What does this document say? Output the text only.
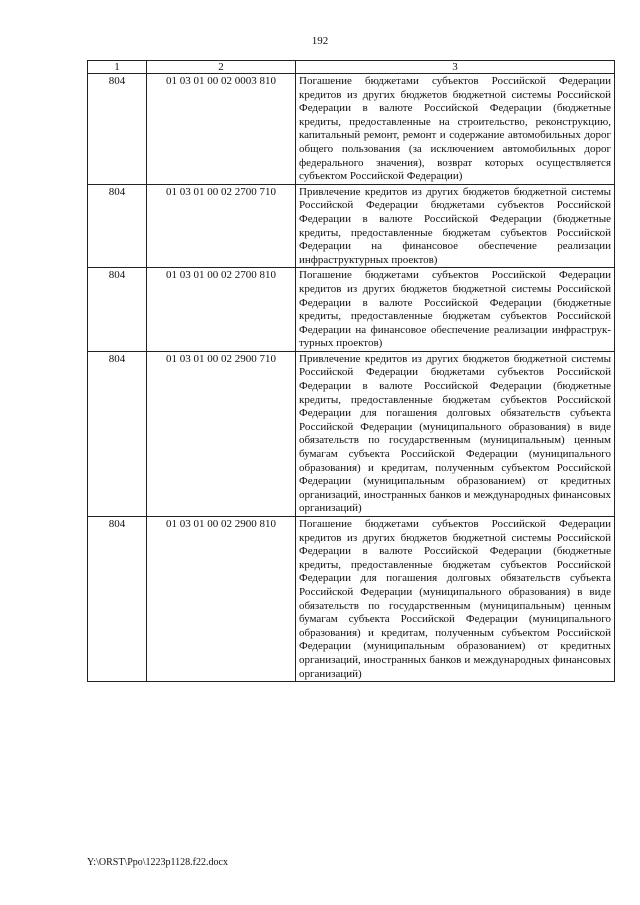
192
1	2	3
804	01 03 01 00 02 0003 810	Погашение бюджетами субъектов Российской Федерации кредитов из других бюджетов бюджетной системы Российской Федерации в валюте Российской Федерации (бюджетные кредиты, предоставленные на строительство, реконструкцию, капитальный ремонт, ремонт и содержание автомобильных дорог общего пользования (за исключением автомобильных дорог федерального значения), возврат которых осуществляется субъектом Российской Федерации)
804	01 03 01 00 02 2700 710	Привлечение кредитов из других бюджетов бюджетной системы Российской Федерации бюджетами субъектов Российской Федерации в валюте Российской Федерации (бюджетные кредиты, предоставленные бюджетам субъектов Российской Федерации на финансовое обеспечение реализации инфраструктурных проектов)
804	01 03 01 00 02 2700 810	Погашение бюджетами субъектов Российской Федерации кредитов из других бюджетов бюджетной системы Российской Федерации в валюте Российской Федерации (бюджетные кредиты, предоставленные бюджетам субъектов Российской Федерации на финансовое обеспечение реализации инфраструк-турных проектов)
804	01 03 01 00 02 2900 710	Привлечение кредитов из других бюджетов бюджетной системы Российской Федерации бюджетами субъектов Российской Федерации в валюте Российской Федерации (бюджетные кредиты, предоставленные бюджетам субъектов Российской Федерации для погашения долговых обязательств субъекта Российской Федерации (муниципального образования) в виде обязательств по государственным (муниципальным) ценным бумагам субъекта Российской Федерации (муниципального образования) и кредитам, полученным субъектом Российской Федерации (муниципальным образованием) от кредитных организаций, иностранных банков и международных финансовых организаций)
804	01 03 01 00 02 2900 810	Погашение бюджетами субъектов Российской Федерации кредитов из других бюджетов бюджетной системы Российской Федерации в валюте Российской Федерации (бюджетные кредиты, предоставленные бюджетам субъектов Российской Федерации для погашения долговых обязательств субъекта Российской Федерации (муниципального образования) в виде обязательств по государственным (муниципальным) ценным бумагам субъекта Российской Федерации (муниципального образования) и кредитам, полученным субъектом Российской Федерации (муниципальным образованием) от кредитных организаций, иностранных банков и международных финансовых организаций)
Y:\ORST\Ppo\1223p1128.f22.docx
